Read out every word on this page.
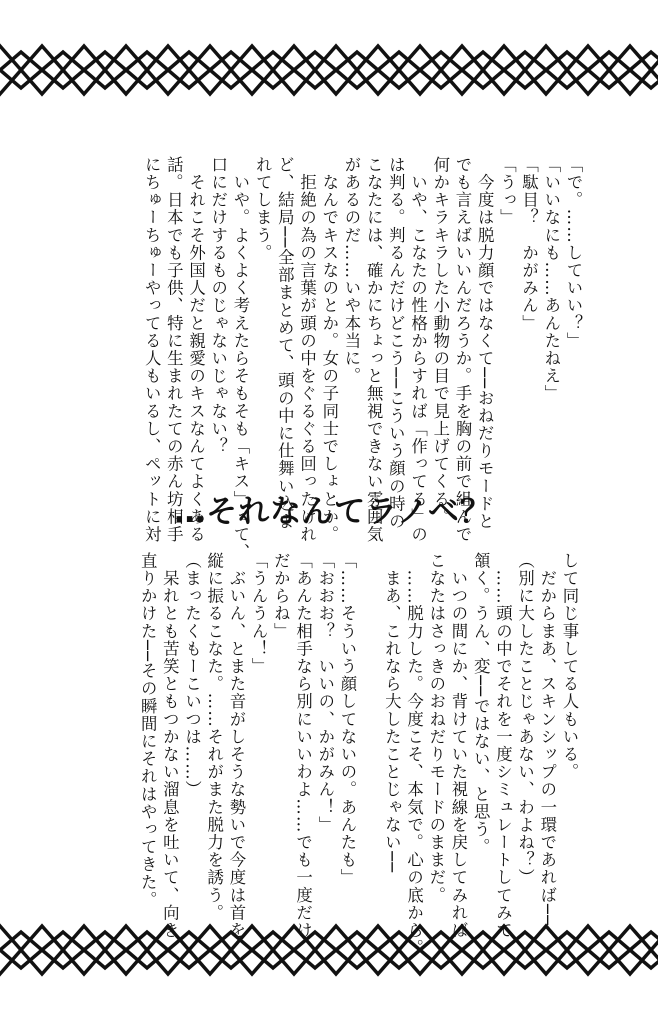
「で。……していい？」
「いいなにも……あんたねえ」
「駄目？　かがみん」
「うっ」
　今度は脱力顔ではなくて──おねだりモードと
でも言えばいいんだろうか。手を胸の前で組んで
何かキラキラした小動物の目で見上げてくる。
　いや、こなたの性格からすれば「作ってる」の
は判る。判るんだけどこう──こういう顔の時の
こなたには、確かにちょっと無視できない雰囲気
があるのだ……いや本当に。
　なんでキスなのとか。女の子同士でしょとか。
　拒絶の為の言葉が頭の中をぐるぐる回ったけれ
ど、結局──全部まとめて、頭の中に仕舞い込ま
れてしまう。
　いや。よくよく考えたらそもそも「キス」って、
口にだけするものじゃないじゃない？
　それこそ外国人だと親愛のキスなんてよくある
話。日本でも子供、特に生まれたての赤ん坊相手
にちゅーちゅーやってる人もいるし、ペットに対 …それなんてラノベ？
して同じ事してる人もいる。
　だからまあ、スキンシップの一環であれば──
（別に大したことじゃあない、わよね？）
　……頭の中でそれを一度シミュレートしてみて
頷く。うん、変──ではない、と思う。
　いつの間にか、背けていた視線を戻してみれば
こなたはさっきのおねだりモードのままだ。
　……脱力した。今度こそ、本気で。心の底から。
　まあ、これなら大したことじゃない──

「……そういう顔してないの。あんたも」
「おおお？　いいの、かがみん！」
「あんた相手なら別にいいわよ……でも一度だけ
だからね」
「うんうん！」
　ぶいん、とまた音がしそうな勢いで今度は首を
縦に振るこなた。……それがまた脱力を誘う。
（まったくもーこいつは……）
　呆れとも苦笑ともつかない溜息を吐いて、向き
直りかけた──その瞬間にそれはやってきた。
